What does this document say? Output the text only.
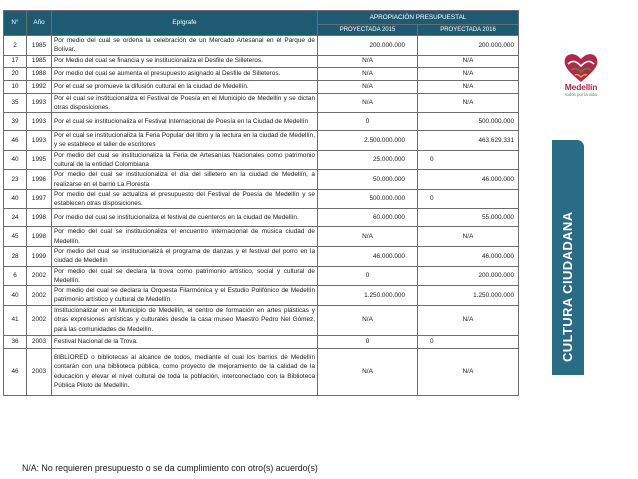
N°	Año	Epígrafe	APROPIACIÓN PRESUPUESTAL	
			PROYECTADA 2015	PROYECTADA 2016
2	1985	Por medio del cual se ordena la celebración de un Mercado Artesanal en el Parque de Bolívar.	200.000.000	200.000.000
17	1985	Por Medio del cual se financia y se institucionaliza el Desfile de Silleteros.	N/A	N/A
20	1988	Por medio del cual se aumenta el presupuesto asignado al Desfile de Silleteros.	N/A	N/A
10	1992	Por el cual se promueve la difusión cultural en la ciudad de Medellín.	N/A	N/A
35	1993	Por el cual se institucionaliza el Festival de Poesía en el Municipio de Medellín y se dictan otras disposiciones.	N/A	N/A
39	1993	Por el cual se institucionaliza el Festival Internacional de Poesía en la Ciudad de Medellín	0	500.000.000
46	1993	Por el cual se institucionaliza la Feria Popular del libro y la lectura en la ciudad de Medellín, y se establece el taller de escritores	2.500.000.000	463.629.331
40	1995	Por medio del cual se institucionaliza la Feria de Artesanías Nacionales como patrimonio cultural de la entidad Colombiana	25.000.000	0
23	1996	Por medio del cual se institucionaliza el día del silletero en la ciudad de Medellín, a realizarse en el barrio La Floresta	50.000.000	46.000.000
40	1997	Por medio del cual se actualiza el presupuesto del Festival de Poesía de Medellín y se establecen otras disposiciones.	500.000.000	0
24	1998	Por medio del cual se institucionaliza el festival de cuenteros en la ciudad de Medellín.	60.000.000	55.000.000
45	1998	Por medio del cual se institucionaliza el encuentro internacional de música ciudad de Medellín.	N/A	N/A
28	1999	Por medio del cual se institucionalizá el programa de danzas y el festival del porro en la ciudad de Medellín	46.000.000	46.000.000
6	2002	Por medio del cual se declara la trova como patrimonio artístico, social y cultural de Medellín.	0	200.000.000
40	2002	Por medio del cual se declara la Orquesta Filarmónica y el Estudio Polifónico de Medellín patrimonio artístico y cultural de Medellín	1.250.000.000	1.250.000.000
41	2002	Institucionalizar en el Municipio de Medellín, el centro de formación en artes plásticas y otras expresiones artísticas y culturales desde la casa museo Maestro Pedro Nel Gómez, para las comunidades de Medellín.	N/A	N/A
36	2003	Festival Nacional de la Trova.	0	0
46	2003	BIBLIORED o bibliotecas al alcance de todos, mediante el cual los barrios de Medellín contarán con una biblioteca pública, como proyecto de mejoramiento de la calidad de la educación y elevar el nivel cultural de toda la población, interconectado con la Biblioteca Pública Piloto de Medellín.	N/A	N/A
N/A: No requieren presupuesto o se da cumplimiento con otro(s) acuerdo(s)
Medellín
todos por la vida
CULTURA CIUDADANA
